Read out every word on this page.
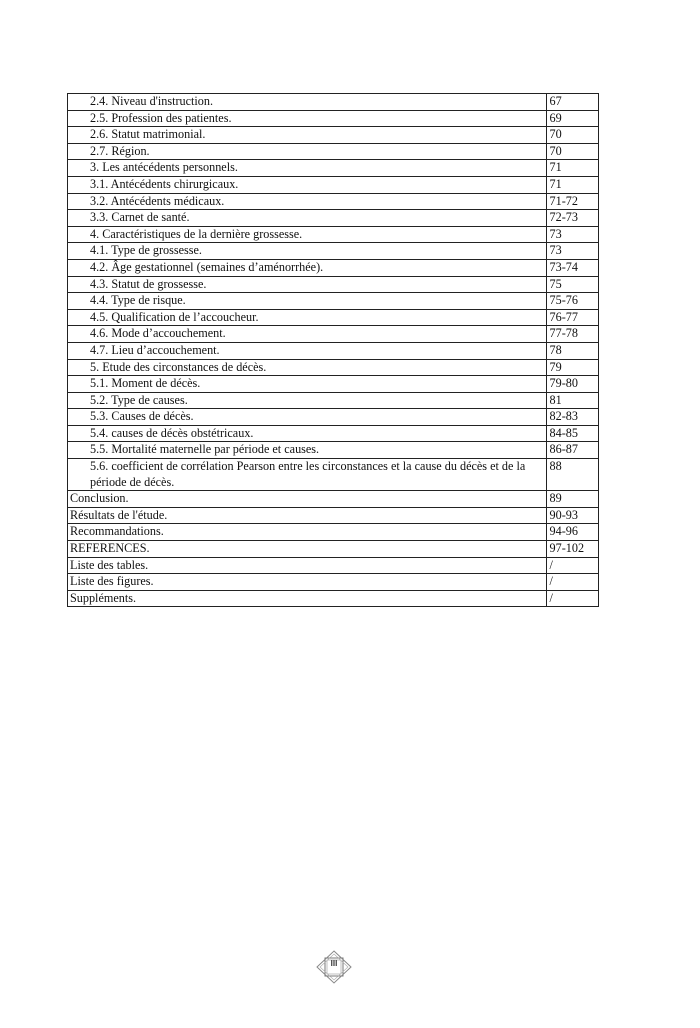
2.4. Niveau d'instruction.	67
2.5. Profession des patientes.	69
2.6. Statut matrimonial.	70
2.7. Région.	70
3. Les antécédents personnels.	71
3.1. Antécédents chirurgicaux.	71
3.2. Antécédents médicaux.	71-72
3.3. Carnet de santé.	72-73
4. Caractéristiques de la dernière grossesse.	73
4.1. Type de grossesse.	73
4.2. Âge gestationnel (semaines d’aménorrhée).	73-74
4.3. Statut de grossesse.	75
4.4. Type de risque.	75-76
4.5. Qualification de l’accoucheur.	76-77
4.6. Mode d’accouchement.	77-78
4.7. Lieu d’accouchement.	78
5. Etude des circonstances de décès.	79
5.1. Moment de décès.	79-80
5.2. Type de causes.	81
5.3. Causes de décès.	82-83
5.4. causes de décès obstétricaux.	84-85
5.5. Mortalité maternelle par période et causes.	86-87
5.6. coefficient de corrélation Pearson entre les circonstances et la cause du décès et de la période de décès.	88
Conclusion.	89
Résultats de l'étude.	90-93
Recommandations.	94-96
REFERENCES.	97-102
Liste des tables.	/
Liste des figures.	/
Suppléments.	/
III
